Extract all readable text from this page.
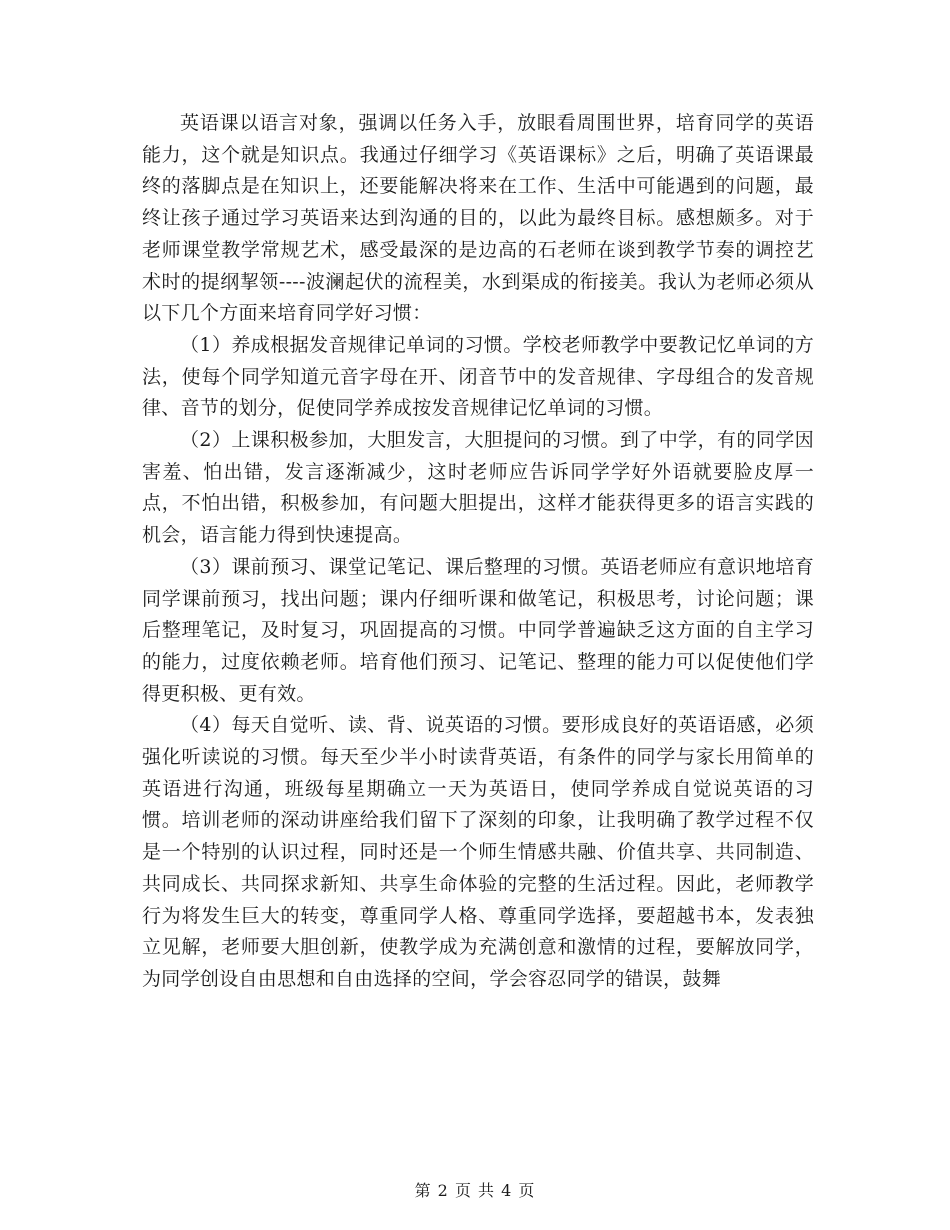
英语课以语言对象，强调以任务入手，放眼看周围世界，培育同学的英语能力，这个就是知识点。我通过仔细学习《英语课标》之后，明确了英语课最终的落脚点是在知识上，还要能解决将来在工作、生活中可能遇到的问题，最终让孩子通过学习英语来达到沟通的目的，以此为最终目标。感想颇多。对于老师课堂教学常规艺术，感受最深的是边高的石老师在谈到教学节奏的调控艺术时的提纲挈领----波澜起伏的流程美，水到渠成的衔接美。我认为老师必须从以下几个方面来培育同学好习惯：

（1）养成根据发音规律记单词的习惯。学校老师教学中要教记忆单词的方法，使每个同学知道元音字母在开、闭音节中的发音规律、字母组合的发音规律、音节的划分，促使同学养成按发音规律记忆单词的习惯。

（2）上课积极参加，大胆发言，大胆提问的习惯。到了中学，有的同学因害羞、怕出错，发言逐渐减少，这时老师应告诉同学学好外语就要脸皮厚一点，不怕出错，积极参加，有问题大胆提出，这样才能获得更多的语言实践的机会，语言能力得到快速提高。

（3）课前预习、课堂记笔记、课后整理的习惯。英语老师应有意识地培育同学课前预习，找出问题；课内仔细听课和做笔记，积极思考，讨论问题；课后整理笔记，及时复习，巩固提高的习惯。中同学普遍缺乏这方面的自主学习的能力，过度依赖老师。培育他们预习、记笔记、整理的能力可以促使他们学得更积极、更有效。

（4）每天自觉听、读、背、说英语的习惯。要形成良好的英语语感，必须强化听读说的习惯。每天至少半小时读背英语，有条件的同学与家长用简单的英语进行沟通，班级每星期确立一天为英语日，使同学养成自觉说英语的习惯。培训老师的深动讲座给我们留下了深刻的印象，让我明确了教学过程不仅是一个特别的认识过程，同时还是一个师生情感共融、价值共享、共同制造、共同成长、共同探求新知、共享生命体验的完整的生活过程。因此，老师教学行为将发生巨大的转变，尊重同学人格、尊重同学选择，要超越书本，发表独立见解，老师要大胆创新，使教学成为充满创意和激情的过程，要解放同学，为同学创设自由思想和自由选择的空间，学会容忍同学的错误，鼓舞

第 2 页 共 4 页
